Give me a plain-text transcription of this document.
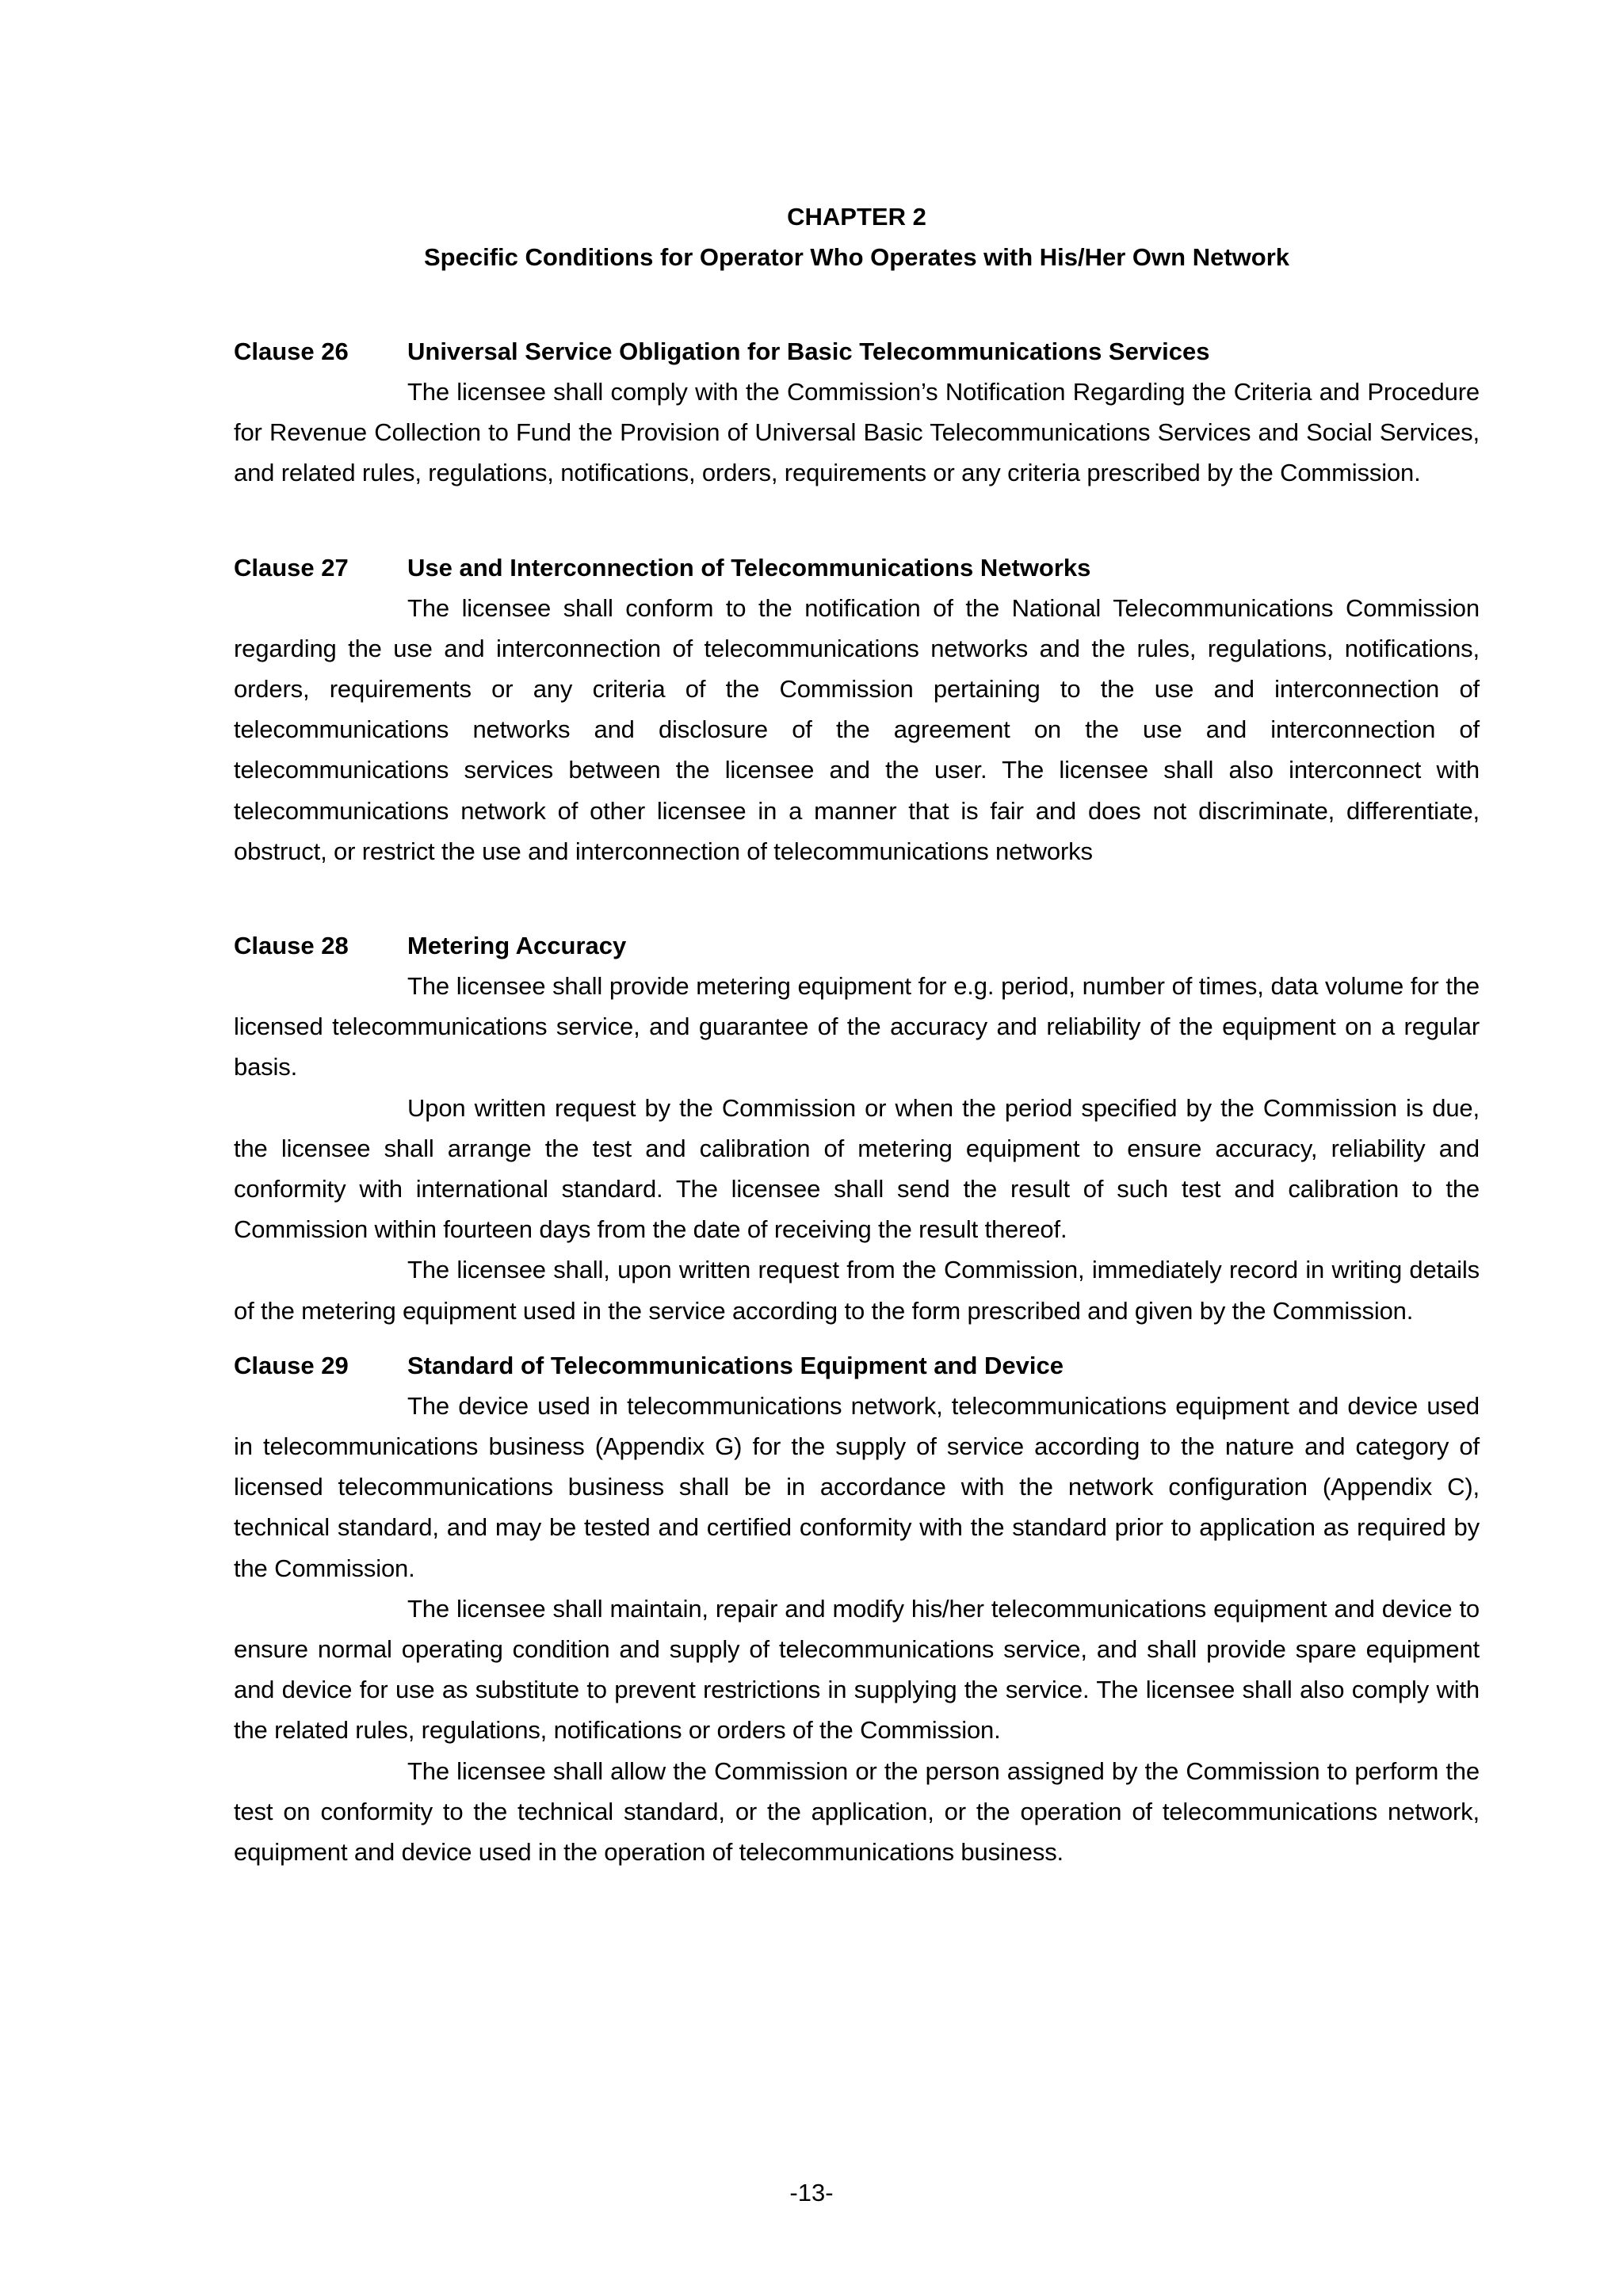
CHAPTER 2
Specific Conditions for Operator Who Operates with His/Her Own Network
Clause 26	Universal Service Obligation for Basic Telecommunications Services

The licensee shall comply with the Commission’s Notification Regarding the Criteria and Procedure for Revenue Collection to Fund the Provision of Universal Basic Telecommunications Services and Social Services, and related rules, regulations, notifications, orders, requirements or any criteria prescribed by the Commission.

Clause 27	Use and Interconnection of Telecommunications Networks

The licensee shall conform to the notification of the National Telecommunications Commission regarding the use and interconnection of telecommunications networks and the rules, regulations, notifications, orders, requirements or any criteria of the Commission pertaining to the use and interconnection of telecommunications networks and disclosure of the agreement on the use and interconnection of telecommunications services between the licensee and the user. The licensee shall also interconnect with telecommunications network of other licensee in a manner that is fair and does not discriminate, differentiate, obstruct, or restrict the use and interconnection of telecommunications networks

Clause 28	Metering Accuracy

The licensee shall provide metering equipment for e.g. period, number of times, data volume for the licensed telecommunications service, and guarantee of the accuracy and reliability of the equipment on a regular basis.

Upon written request by the Commission or when the period specified by the Commission is due, the licensee shall arrange the test and calibration of metering equipment to ensure accuracy, reliability and conformity with international standard. The licensee shall send the result of such test and calibration to the Commission within fourteen days from the date of receiving the result thereof.

The licensee shall, upon written request from the Commission, immediately record in writing details of the metering equipment used in the service according to the form prescribed and given by the Commission.

Clause 29	Standard of Telecommunications Equipment and Device

The device used in telecommunications network, telecommunications equipment and device used in telecommunications business (Appendix G) for the supply of service according to the nature and category of licensed telecommunications business shall be in accordance with the network configuration (Appendix C), technical standard, and may be tested and certified conformity with the standard prior to application as required by the Commission.

The licensee shall maintain, repair and modify his/her telecommunications equipment and device to ensure normal operating condition and supply of telecommunications service, and shall provide spare equipment and device for use as substitute to prevent restrictions in supplying the service. The licensee shall also comply with the related rules, regulations, notifications or orders of the Commission.

The licensee shall allow the Commission or the person assigned by the Commission to perform the test on conformity to the technical standard, or the application, or the operation of telecommunications network, equipment and device used in the operation of telecommunications business.

-13-
